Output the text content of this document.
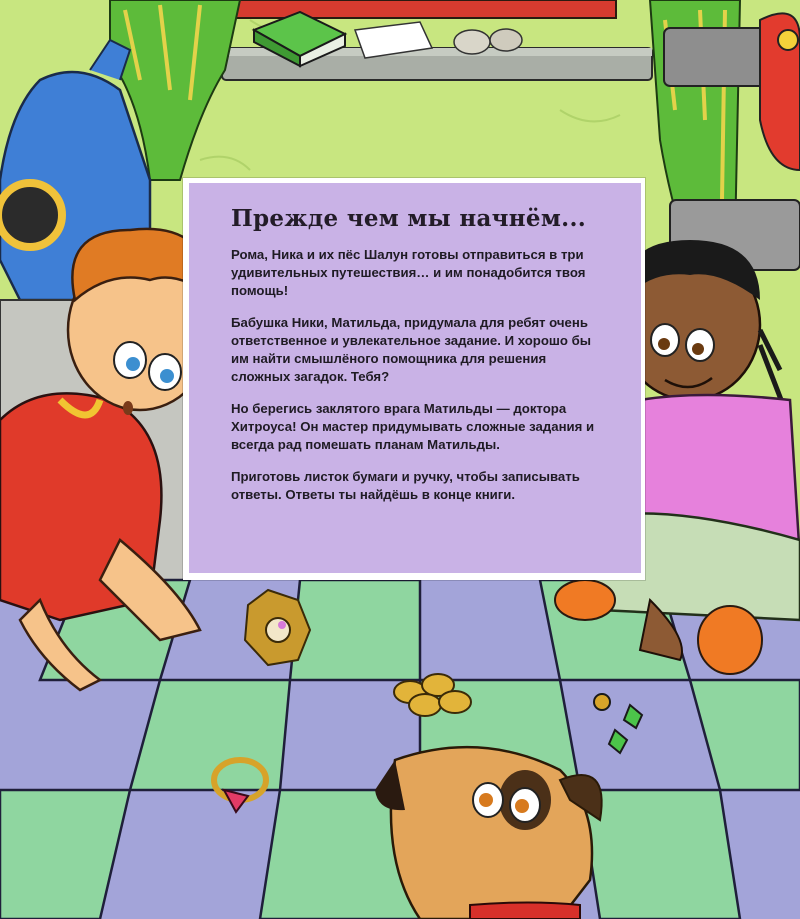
Прежде чем мы начнём...

Рома, Ника и их пёс Шалун готовы отправиться в три удивительных путешествия… и им понадобится твоя помощь!

Бабушка Ники, Матильда, придумала для ребят очень ответственное и увлекательное задание. И хорошо бы им найти смышлёного помощника для решения сложных загадок. Тебя?

Но берегись заклятого врага Матильды — доктора Хитроуса! Он мастер придумывать сложные задания и всегда рад помешать планам Матильды.

Приготовь листок бумаги и ручку, чтобы записывать ответы. Ответы ты найдёшь в конце книги.
